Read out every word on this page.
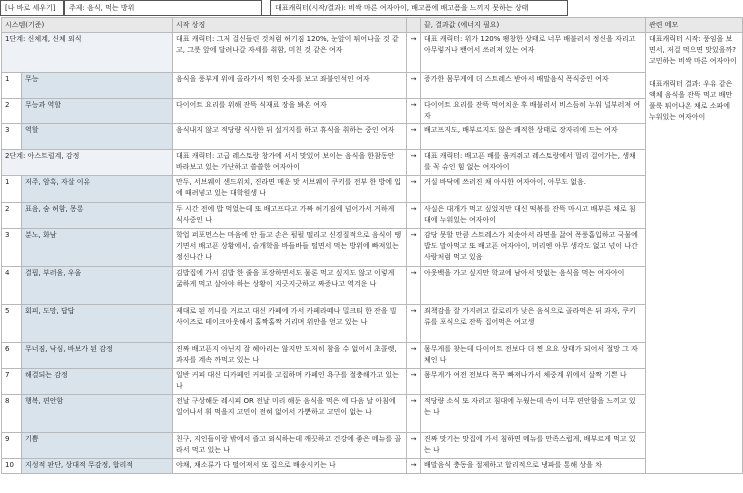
[나 바로 세우기]	주제: 음식, 먹는 방위	대표캐릭터(시작/결과): 비싹 마른 여자아이, 배고픔에 배고픔을 느끼지 못하는 상태
시스템(기준)		시작 상징		끝, 결과값 (에너지 필요)	관련 메모
1단계: 신체계, 신체 외식		대표 캐릭터: 그저 걸신들린 것처럼 허기짐 120%, 눈앞이 튀어나올 것 같고, 그릇 앞에 달려나갈 자세를 취함, 미친 것 같은 여자	→	대표 캐릭터: 위가 120% 팽창한 상태로 너무 배불러서 정신을 자리고 아무렇거나 밴어서 쓰러져 있는 여자	대표캐릭터 시작: 풍임을 보면서, 저걸 먹으면 맛있을까? 고민하는 비싹 마른 여자아이
대표캐릭터 결과: 우유 같은 액체 음식을 잔뜩 먹고 배만 풀룩 튀어나온 채로 소파에 누워있는 여자아이

1	무능	음식을 풍부게 위에 올라가서 찍힌 숫자를 보고 좌불인석인 여자	→	증가한 몸무게에 더 스트레스 받아서 배말음식 폭식중인 여자	
2	무능과 역할	다이어트 요리를 위해 잔뜩 식재료 장을 봐온 여자	→	다이어트 요리를 잔뜩 먹어치운 후 배불러서 비스듬히 누워 널부러져 여자	
3	역할	음식내지 않고 적당량 식사한 뒤 설거지를 하고 휴식을 취하는 중인 여자	→	배고프지도, 배부르지도 않은 쾌적한 상태로 장자리에 드는 여자	
2단계: 아스트럴계, 감정		대표 캐릭터: 고급 레스토랑 창가에 서서 맛있어 보이는 음식을 한참동안 바라보고 있는 가난하고 쓸쓸한 여자아이	→	대표 캐릭터: 배고픈 배를 움켜쥐고 레스토랑에서 멀리 걸어가는, 생채를 꼭 슈인 힘 없는 여자아이	
1	저주, 암흑, 자살 이유	만두, 서브웨이 샌드위치, 진라면 매운 맛 서브웨이 쿠키를 전부 한 방에 입에 때려넣고 있는 대학원생 나	→	거실 바닥에 쓰러진 채 아사한 여자아이, 아무도 없음.	
2	표음, 숨 허함, 몽롱	두 시간 전에 밥 먹었는데 또 배고프다고 가짜 허기짐에 넘어가서 거하게 식사중인 나	→	사실은 대개가 먹고 싶었지만 대신 떡볶를 잔뜩 마시고 배부른 채로 침대에 누워있는 여자아이	
3	분노, 화남	학업 퍼포먼스는 마음에 안 들고 손은 펄펄 떨리고 신경질적으로 음식이 땡기면서 배고픈 상황에서, 슬개학을 바들바들 떨면서 먹는 방위에 빠져있는 정신나간 나	→	감당 못할 만큼 스트레스가 치솟아서 라면을 끓여 폭풍흡입하고 국물에 밥도 말아먹고 또 배고픈 여자아이, 머리엔 아무 생각도 없고 넋이 나간 사람처럼 먹고 있음	
4	결핍, 부러움, 우울	김밥집에 가서 김밥 한 줄을 포장하면서도 물론 먹고 싶지도 않고 이렇게 굶하게 먹고 살아야 하는 상황이 지긋지긋하고 짜증나고 역겨운 나	→	아웃백을 가고 싶지만 학교에 남아서 맛없는 음식을 먹는 여자아이	
5	회피, 도망, 답답	제대로 된 끼니를 거르고 대신 카페에 가서 카페라떼나 밀크티 한 잔을 빌사이즈로 테이크아웃해서 홀짝홀짝 거리며 위안을 얻고 있는 나	→	죄책감을 잘 가지려고 칼로리가 낮은 음식으로 골라먹은 뒤 과자, 쿠키류를 포식으로 잔뜩 집어먹은 여고생	
6	무너짐, 낙심, 바보가 된 감정	진짜 배고픈지 아닌지 잘 헤아리는 않지만 도저히 참을 수 없어서 초콜렛, 과자를 계속 까먹고 있는 나	→	몸무게를 찾는데 다이어트 전보다 더 찐 요요 상태가 되어서 절망 그 자체인 나	
7	해결되는 감정	일반 커피 대신 디카페인 커피를 고집하며 카페인 욕구를 절충해가고 있는 나	→	몸무게가 여전 전보다 폭꾸 빠져나가서 체중계 위에서 살짝 기쁜 나	
8	행복, 편안함	전날 구상해둔 레시피 OR 전날 미리 해둔 음식을 먹은 에 다음 날 아침에 일어나서 휘 먹을지 고민이 전혀 없어서 가뿐하고 고민이 없는 나	→	적당량 소식 또 자러고 침대에 누웠는데 속이 너무 편안함을 느끼고 있는 나	
9	기쁨	친구, 지인들이랑 밖에서 즐고 외식하는데 깨끗하고 건강에 좋은 메뉴를 골라서 먹고 있는 나	→	진짜 맛기는 맛집에 가서 침하면 메뉴를 만족스럽게, 배부르게 먹고 있는 나	
10	지성적 판단, 상대적 무감정, 합리적	야채, 채소류가 다 떨어져서 또 집으로 배송시키는 나	→	배말음식 충동을 절제하고 합리적으로 냉파를 통해 상을 차	
